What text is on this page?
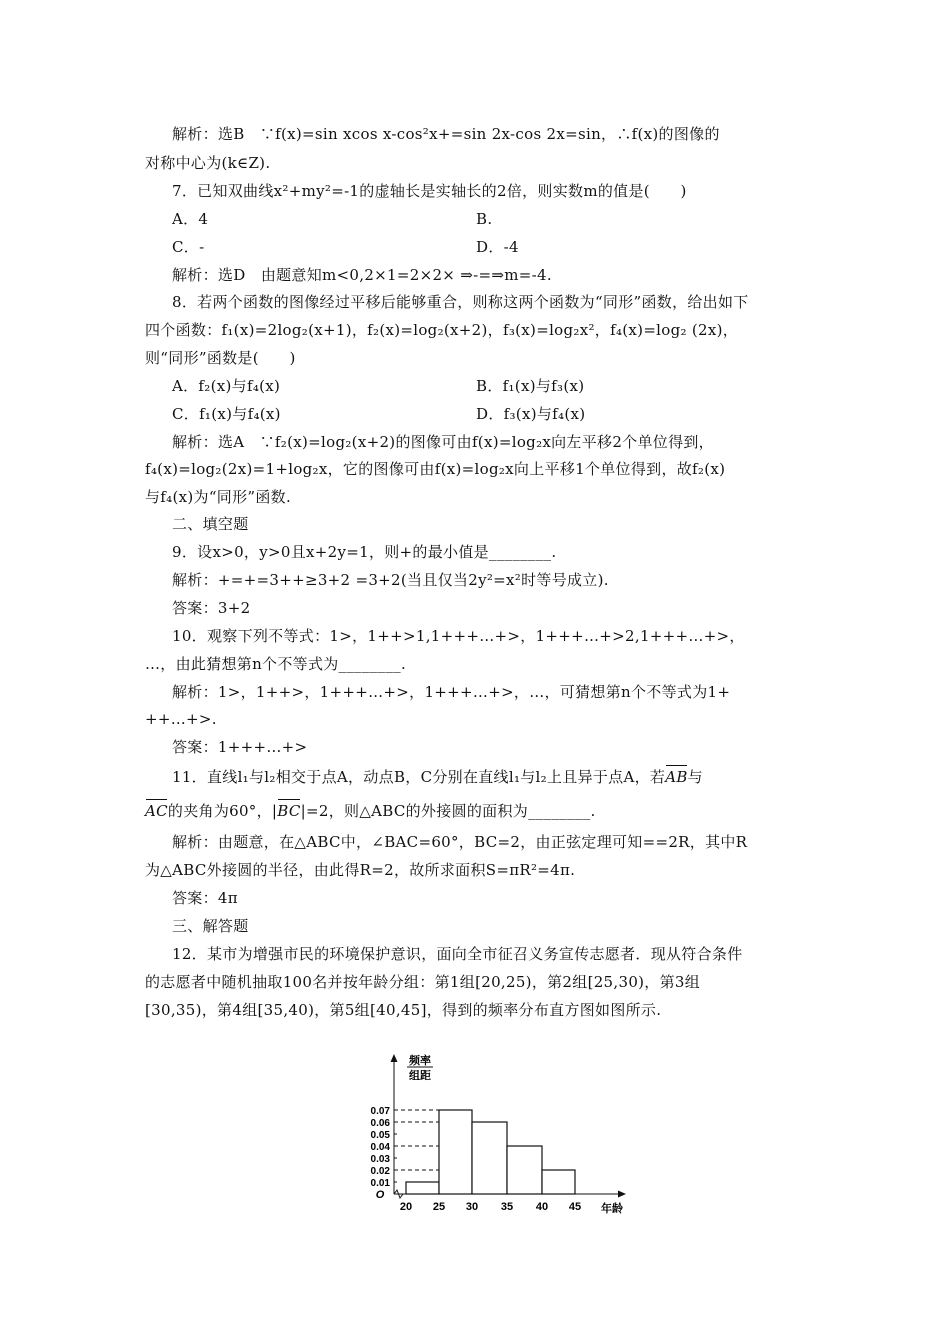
解析：选B　∵f(x)=sin xcos x-cos²x+=sin 2x-cos 2x=sin，∴f(x)的图像的
对称中心为(k∈Z).
7．已知双曲线x²+my²=-1的虚轴长是实轴长的2倍，则实数m的值是(　　)
A．4	B.
C．-	D．-4
解析：选D　由题意知m<0,2×1=2×2× ⇒-=⇒m=-4.
8．若两个函数的图像经过平移后能够重合，则称这两个函数为“同形”函数，给出如下
四个函数：f₁(x)=2log₂(x+1)，f₂(x)=log₂(x+2)，f₃(x)=log₂x²，f₄(x)=log₂ (2x)，
则“同形”函数是(　　)
A．f₂(x)与f₄(x)	B．f₁(x)与f₃(x)
C．f₁(x)与f₄(x)	D．f₃(x)与f₄(x)
解析：选A　∵f₂(x)=log₂(x+2)的图像可由f(x)=log₂x向左平移2个单位得到，
f₄(x)=log₂(2x)=1+log₂x，它的图像可由f(x)=log₂x向上平移1个单位得到，故f₂(x)
与f₄(x)为“同形”函数.
二、填空题
9．设x>0，y>0且x+2y=1，则+的最小值是________.
解析：+=+=3++≥3+2 =3+2(当且仅当2y²=x²时等号成立).
答案：3+2
10．观察下列不等式：1>，1++>1,1+++…+>，1+++…+>2,1+++…+>，
…，由此猜想第n个不等式为________.
解析：1>，1++>，1+++…+>，1+++…+>，…，可猜想第n个不等式为1+
++…+>.
答案：1+++…+>
11．直线l₁与l₂相交于点A，动点B，C分别在直线l₁与l₂上且异于点A，若AB与
AC的夹角为60°，|BC|=2，则△ABC的外接圆的面积为________.
解析：由题意，在△ABC中，∠BAC=60°，BC=2，由正弦定理可知==2R，其中R
为△ABC外接圆的半径，由此得R=2，故所求面积S=πR²=4π.
答案：4π
三、解答题
12．某市为增强市民的环境保护意识，面向全市征召义务宣传志愿者．现从符合条件
的志愿者中随机抽取100名并按年龄分组：第1组[20,25)，第2组[25,30)，第3组
[30,35)，第4组[35,40)，第5组[40,45]，得到的频率分布直方图如图所示.
频率
组距
0.01
0.02
0.03
0.04
0.05
0.06
0.07
O
20 25 30 35 40 45 年龄
